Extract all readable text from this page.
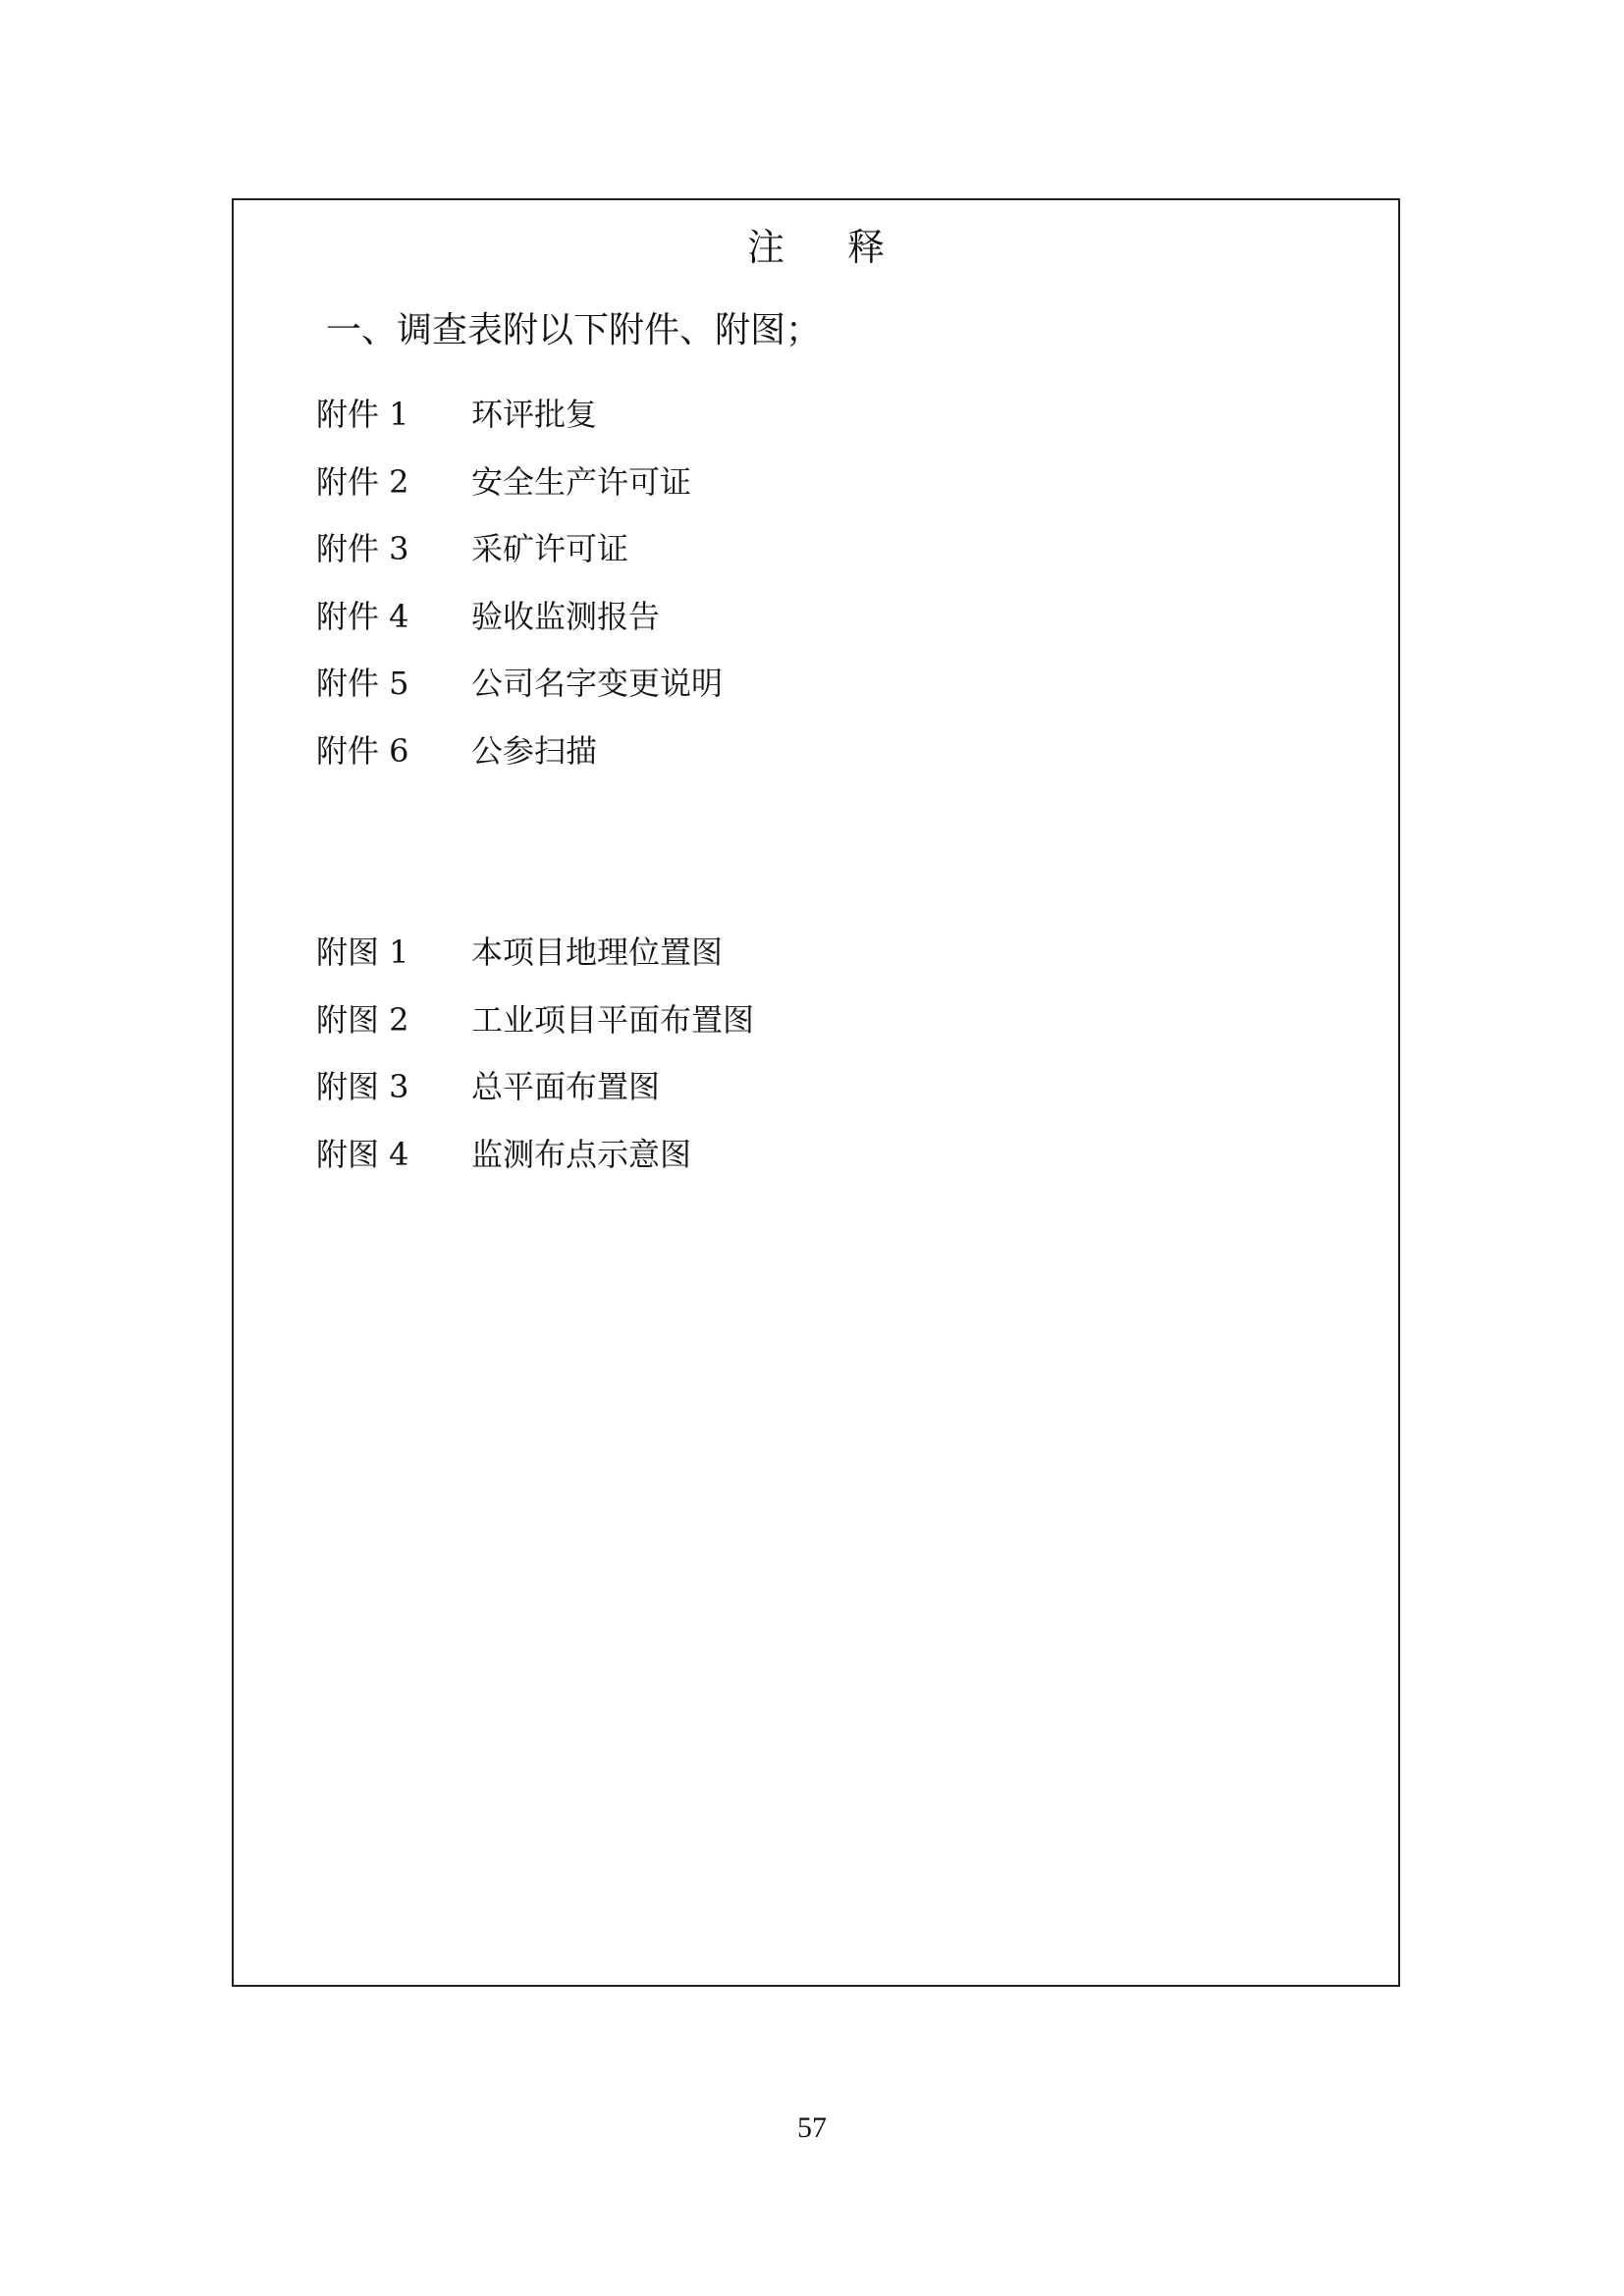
注释
一、调查表附以下附件、附图；
附件 1	环评批复
附件 2	安全生产许可证
附件 3	采矿许可证
附件 4	验收监测报告
附件 5	公司名字变更说明
附件 6	公参扫描
附图 1	本项目地理位置图
附图 2	工业项目平面布置图
附图 3	总平面布置图
附图 4	监测布点示意图
57
